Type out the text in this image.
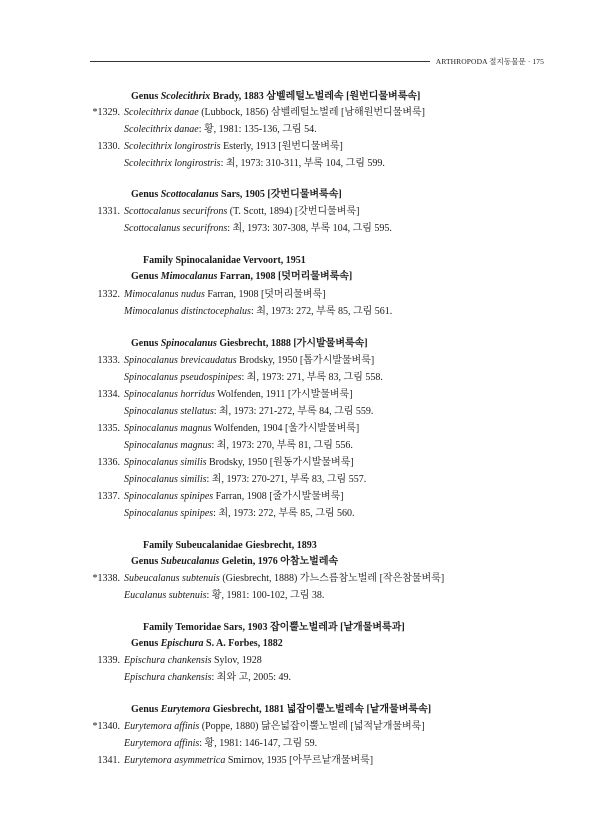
ARTHROPODA 절지동물문 · 175
Genus Scolecithrix Brady, 1883 삼벨레털노벌레속 [원번디물벼룩속]
*1329. Scolecithrix danae (Lubbock, 1856) 삼벨레털노벌레 [남해원번디물벼룩]
Scolecithrix danae: 황, 1981: 135-136, 그림 54.
1330. Scolecithrix longirostris Esterly, 1913 [원번디물벼룩]
Scolecithrix longirostris: 최, 1973: 310-311, 부록 104, 그림 599.
Genus Scottocalanus Sars, 1905 [갓번디물벼룩속]
1331. Scottocalanus securifrons (T. Scott, 1894) [갓번디물벼룩]
Scottocalanus securifrons: 최, 1973: 307-308, 부록 104, 그림 595.
Family Spinocalanidae Vervoort, 1951
Genus Mimocalanus Farran, 1908 [덧머리물벼룩속]
1332. Mimocalanus nudus Farran, 1908 [덧머리물벼룩]
Mimocalanus distinctocephalus: 최, 1973: 272, 부록 85, 그림 561.
Genus Spinocalanus Giesbrecht, 1888 [가시발물벼룩속]
1333. Spinocalanus brevicaudatus Brodsky, 1950 [톱가시발물벼룩]
Spinocalanus pseudospinipes: 최, 1973: 271, 부록 83, 그림 558.
1334. Spinocalanus horridus Wolfenden, 1911 [가시발물벼룩]
Spinocalanus stellatus: 최, 1973: 271-272, 부록 84, 그림 559.
1335. Spinocalanus magnus Wolfenden, 1904 [울가시발물벼룩]
Spinocalanus magnus: 최, 1973: 270, 부록 81, 그림 556.
1336. Spinocalanus similis Brodsky, 1950 [원동가시발물벼룩]
Spinocalanus similis: 최, 1973: 270-271, 부록 83, 그림 557.
1337. Spinocalanus spinipes Farran, 1908 [줄가시발물벼룩]
Spinocalanus spinipes: 최, 1973: 272, 부록 85, 그림 560.
Family Subeucalanidae Giesbrecht, 1893
Genus Subeucalanus Geletin, 1976 아참노벌레속
*1338. Subeucalanus subtenuis (Giesbrecht, 1888) 가느스름참노벌레 [작은참물벼룩]
Eucalanus subtenuis: 황, 1981: 100-102, 그림 38.
Family Temoridae Sars, 1903 잡이뿔노벌레과 [낱개물벼룩과]
Genus Epischura S. A. Forbes, 1882
1339. Epischura chankensis Sylov, 1928
Epischura chankensis: 최와 고, 2005: 49.
Genus Eurytemora Giesbrecht, 1881 넓잡이뿔노벌레속 [낱개물벼룩속]
*1340. Eurytemora affinis (Poppe, 1880) 닮은넓잡이뿔노벌레 [넓적낱개물벼룩]
Eurytemora affinis: 황, 1981: 146-147, 그림 59.
1341. Eurytemora asymmetrica Smirnov, 1935 [아무르낱개물벼룩]
